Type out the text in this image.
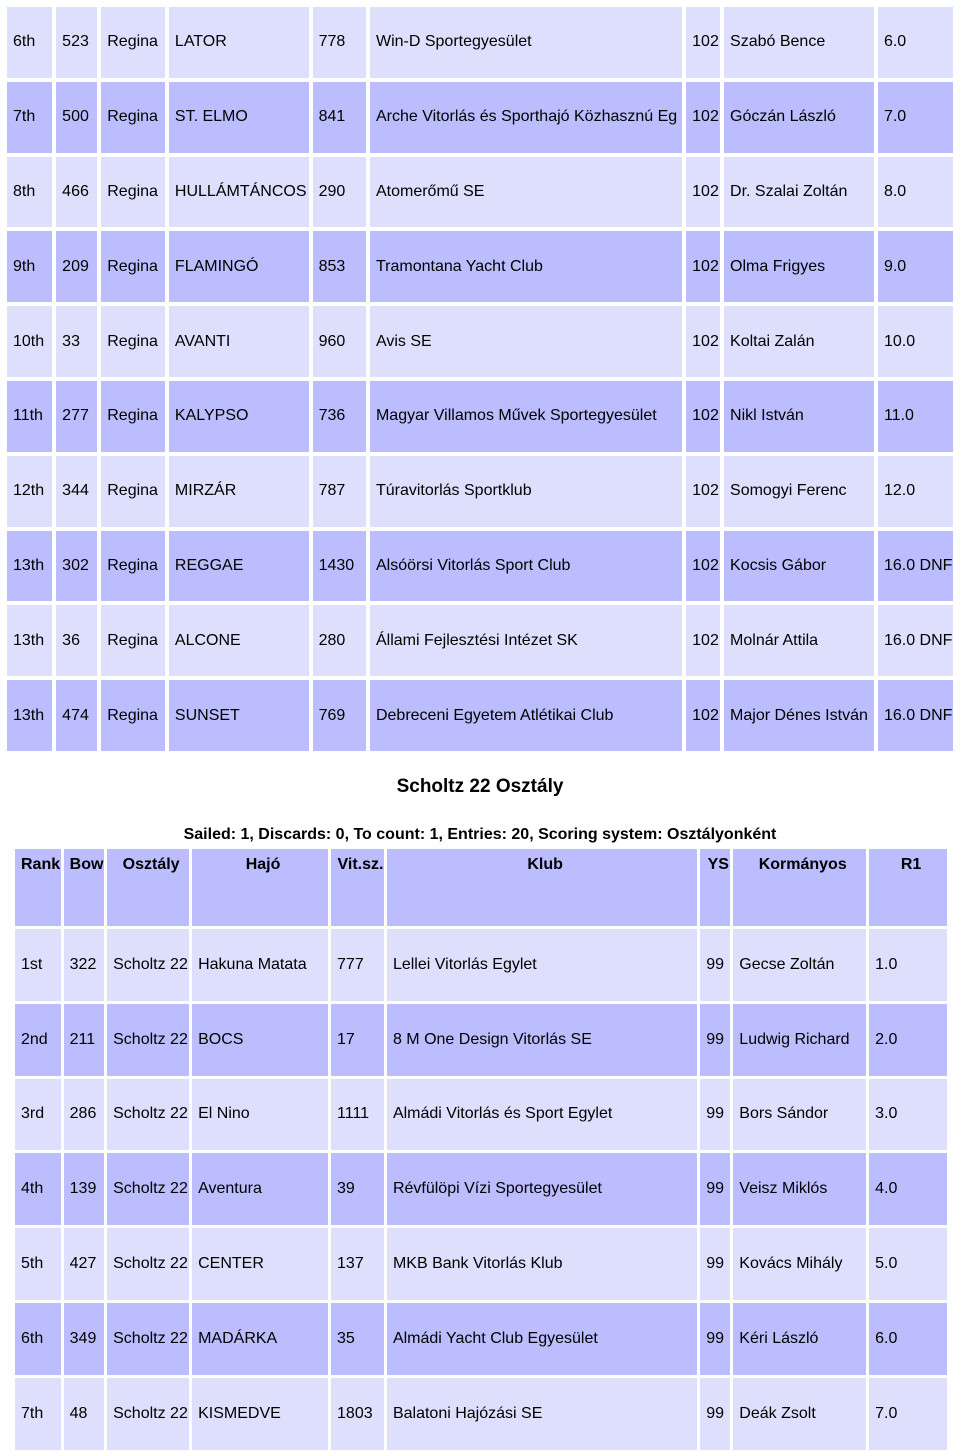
6th	523	Regina	LATOR	778	Win-D Sportegyesület	102	Szabó Bence	6.0
7th	500	Regina	ST. ELMO	841	Arche Vitorlás és Sporthajó Közhasznú Eg	102	Góczán László	7.0
8th	466	Regina	HULLÁMTÁNCOS	290	Atomerőmű SE	102	Dr. Szalai Zoltán	8.0
9th	209	Regina	FLAMINGÓ	853	Tramontana Yacht Club	102	Olma Frigyes	9.0
10th	33	Regina	AVANTI	960	Avis SE	102	Koltai Zalán	10.0
11th	277	Regina	KALYPSO	736	Magyar Villamos Művek Sportegyesület	102	Nikl István	11.0
12th	344	Regina	MIRZÁR	787	Túravitorlás Sportklub	102	Somogyi Ferenc	12.0
13th	302	Regina	REGGAE	1430	Alsóörsi Vitorlás Sport Club	102	Kocsis Gábor	16.0 DNF
13th	36	Regina	ALCONE	280	Állami Fejlesztési Intézet SK	102	Molnár Attila	16.0 DNF
13th	474	Regina	SUNSET	769	Debreceni Egyetem Atlétikai Club	102	Major Dénes István	16.0 DNF
Scholtz 22 Osztály
Sailed: 1, Discards: 0, To count: 1, Entries: 20, Scoring system: Osztályonként
Rank	Bow	Osztály	Hajó	Vit.sz.	Klub	YS	Kormányos	R1
1st	322	Scholtz 22	Hakuna Matata	777	Lellei Vitorlás Egylet	99	Gecse Zoltán	1.0
2nd	211	Scholtz 22	BOCS	17	8 M One Design Vitorlás SE	99	Ludwig Richard	2.0
3rd	286	Scholtz 22	El Nino	1111	Almádi Vitorlás és Sport Egylet	99	Bors Sándor	3.0
4th	139	Scholtz 22	Aventura	39	Révfülöpi Vízi Sportegyesület	99	Veisz Miklós	4.0
5th	427	Scholtz 22	CENTER	137	MKB Bank Vitorlás Klub	99	Kovács Mihály	5.0
6th	349	Scholtz 22	MADÁRKA	35	Almádi Yacht Club Egyesület	99	Kéri László	6.0
7th	48	Scholtz 22	KISMEDVE	1803	Balatoni Hajózási SE	99	Deák Zsolt	7.0
